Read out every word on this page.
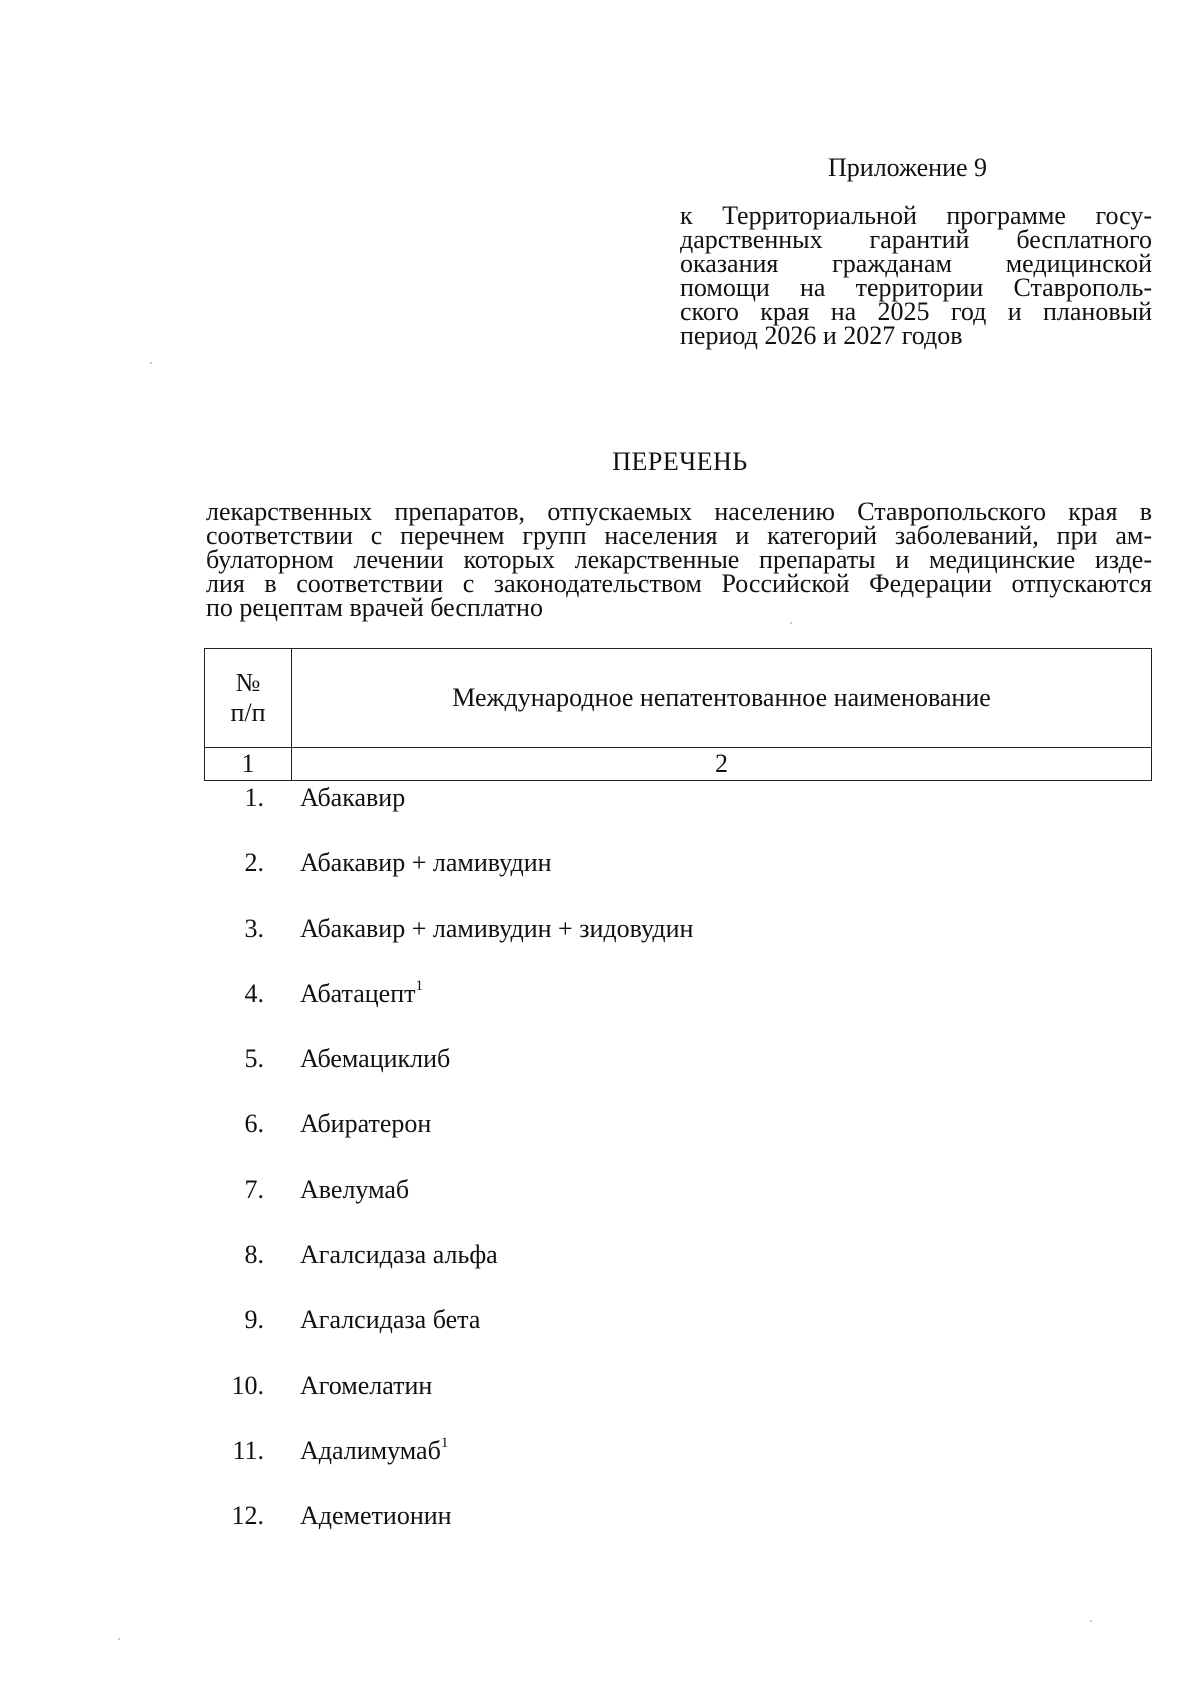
Приложение 9
к Территориальной программе госу-
дарственных гарантий бесплатного
оказания гражданам медицинской
помощи на территории Ставрополь-
ского края на 2025 год и плановый
период 2026 и 2027 годов
ПЕРЕЧЕНЬ
лекарственных препаратов, отпускаемых населению Ставропольского края в
соответствии с перечнем групп населения и категорий заболеваний, при ам-
булаторном лечении которых лекарственные препараты и медицинские изде-
лия в соответствии с законодательством Российской Федерации отпускаются
по рецептам врачей бесплатно
№
п/п	Международное непатентованное наименование
1	2
1. Абакавир
2. Абакавир + ламивудин
3. Абакавир + ламивудин + зидовудин
4. Абатацепт$^1$
5. Абемациклиб
6. Абиратерон
7. Авелумаб
8. Агалсидаза альфа
9. Агалсидаза бета
10. Агомелатин
11. Адалимумаб$^1$
12. Адеметионин
